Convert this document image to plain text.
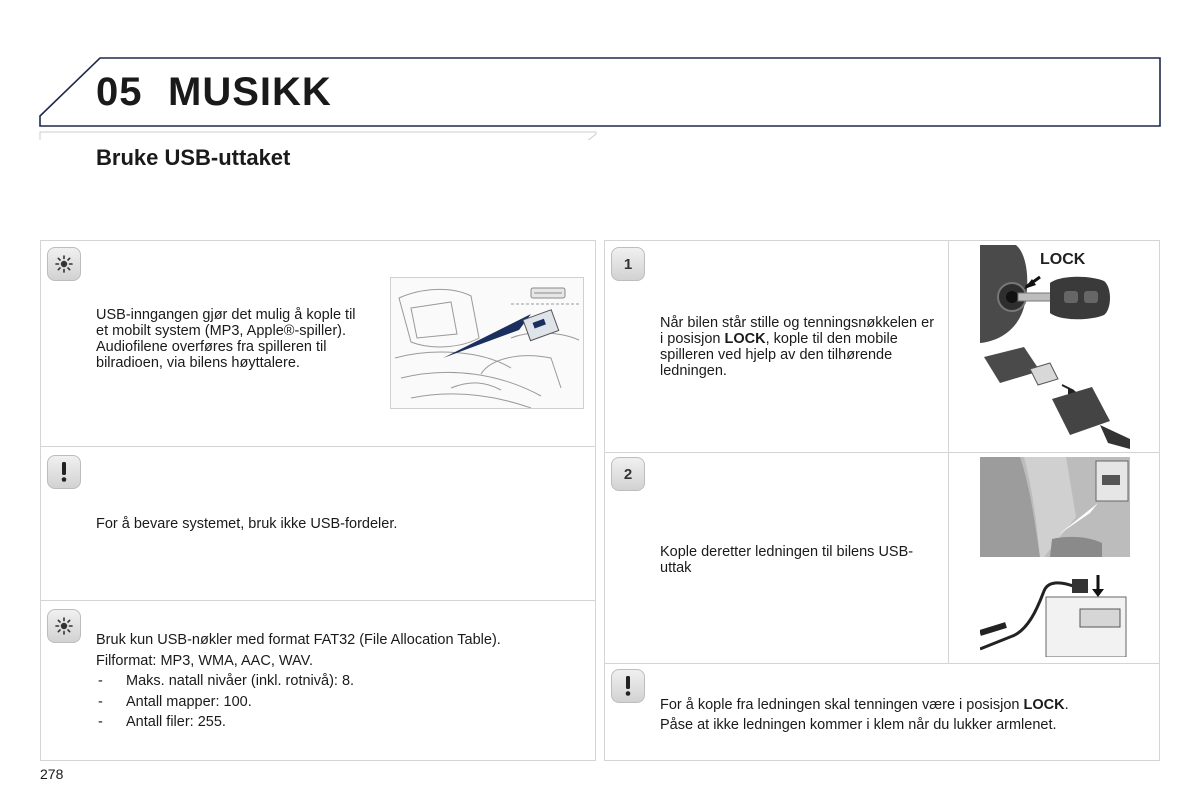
05 MUSIKK
Bruke USB-uttaket
USB-inngangen gjør det mulig å kople til et mobilt system (MP3, Apple®-spiller). Audiofilene overføres fra spilleren til bilradioen, via bilens høyttalere.
For å bevare systemet, bruk ikke USB-fordeler.
Bruk kun USB-nøkler med format FAT32 (File Allocation Table).
Filformat: MP3, WMA, AAC, WAV.
- Maks. natall nivåer (inkl. rotnivå): 8.
- Antall mapper: 100.
- Antall filer: 255.
1
Når bilen står stille og tenningsnøkkelen er i posisjon LOCK, kople til den mobile spilleren ved hjelp av den tilhørende ledningen.
LOCK
2
Kople deretter ledningen til bilens USB-uttak
For å kople fra ledningen skal tenningen være i posisjon LOCK.
Påse at ikke ledningen kommer i klem når du lukker armlenet.
278
